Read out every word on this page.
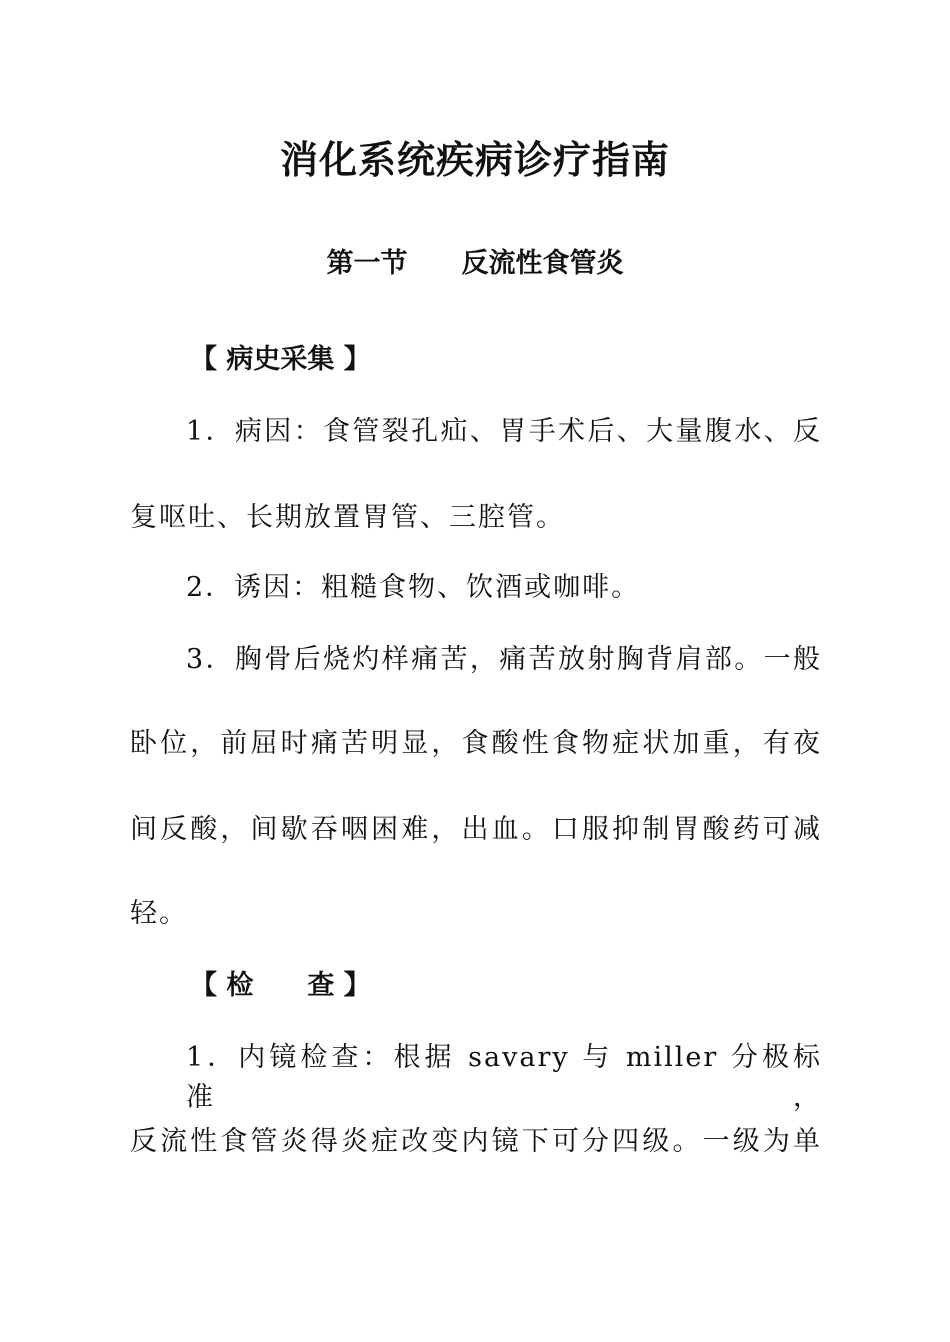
消化系统疾病诊疗指南
第一节　　反流性食管炎
【 病史采集 】
1．病因：食管裂孔疝、胃手术后、大量腹水、反
复呕吐、长期放置胃管、三腔管。
2．诱因：粗糙食物、饮酒或咖啡。
3．胸骨后烧灼样痛苦，痛苦放射胸背肩部。一般
卧位，前屈时痛苦明显，食酸性食物症状加重，有夜
间反酸，间歇吞咽困难，出血。口服抑制胃酸药可减
轻。
【 检　　查 】
1．内镜检查：根据 savary 与 miller 分极标准，
反流性食管炎得炎症改变内镜下可分四级。一级为单
